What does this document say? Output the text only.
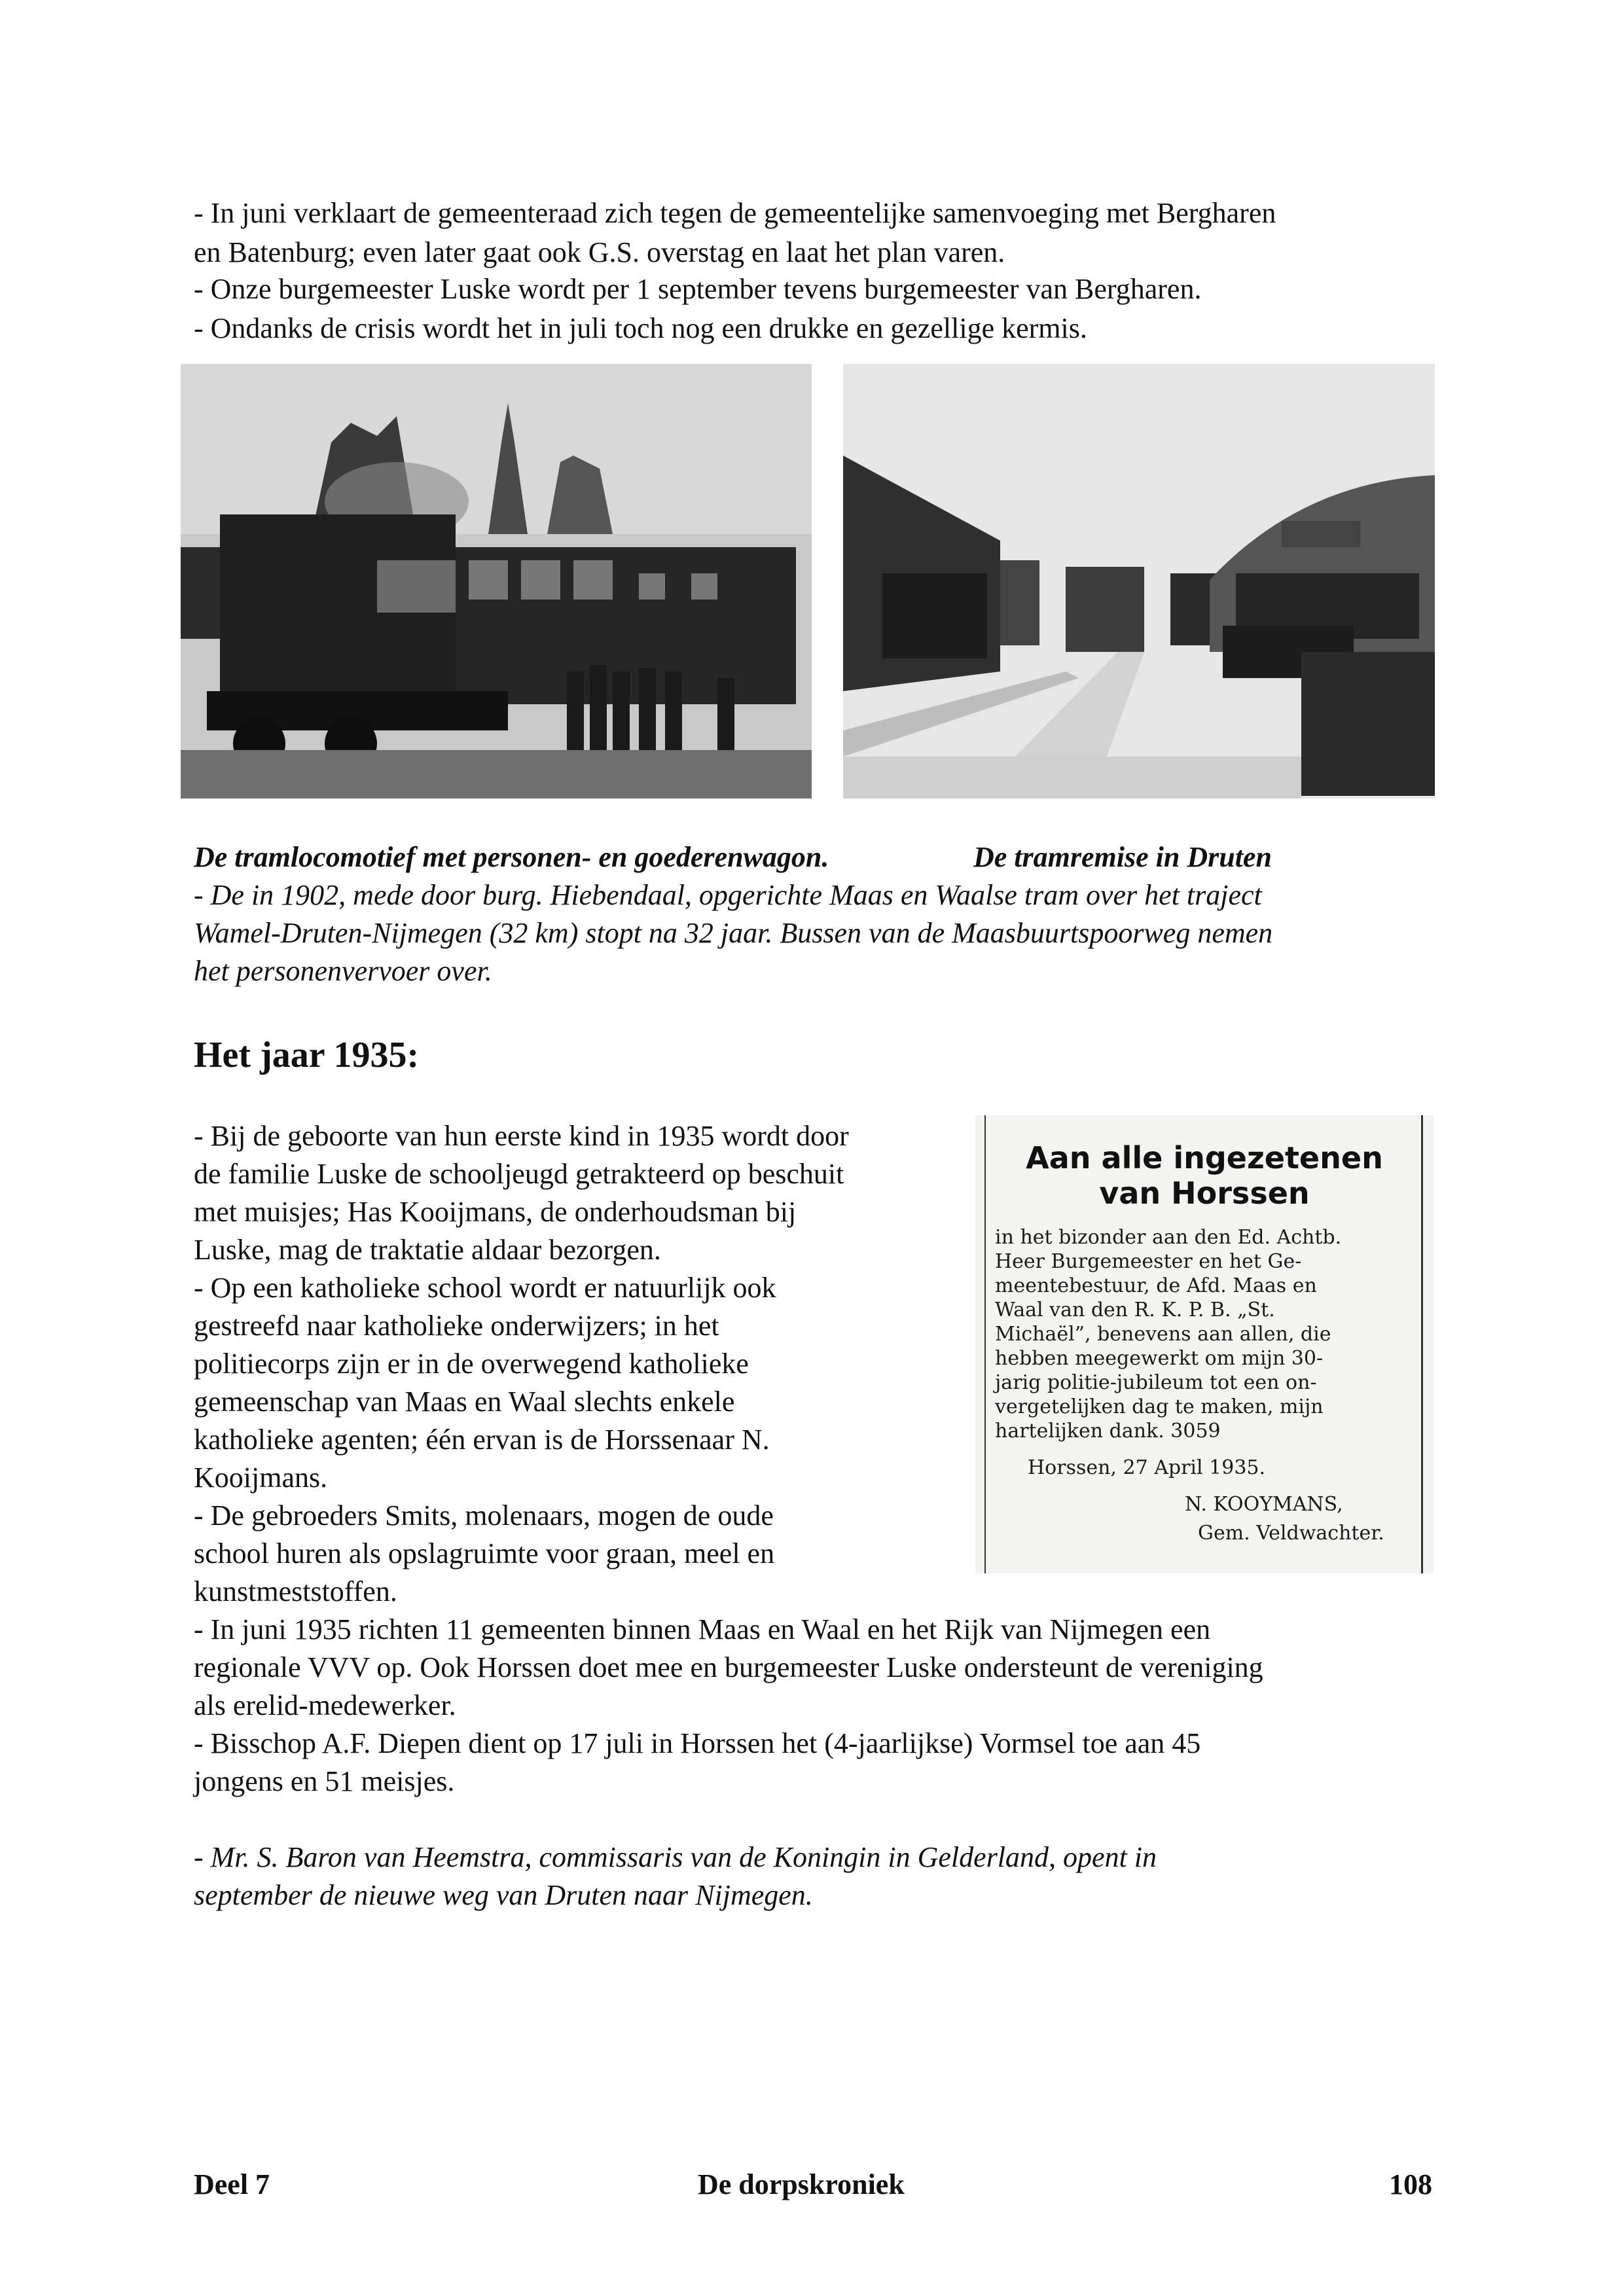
- In juni verklaart de gemeenteraad zich tegen de gemeentelijke samenvoeging met Bergharen

en Batenburg; even later gaat ook G.S. overstag en laat het plan varen.

- Onze burgemeester Luske wordt per 1 september tevens burgemeester van Bergharen.

- Ondanks de crisis wordt het in juli toch nog een drukke en gezellige kermis.

De tramlocomotief met personen- en goederenwagon.	De tramremise in Druten

- De in 1902, mede door burg. Hiebendaal, opgerichte Maas en Waalse tram over het traject

Wamel-Druten-Nijmegen (32 km) stopt na 32 jaar. Bussen van de Maasbuurtspoorweg nemen

het personenvervoer over.

Het jaar 1935:

- Bij de geboorte van hun eerste kind in 1935 wordt door

de familie Luske de schooljeugd getrakteerd op beschuit

met muisjes; Has Kooijmans, de onderhoudsman bij

Luske, mag de traktatie aldaar bezorgen.

- Op een katholieke school wordt er natuurlijk ook

gestreefd naar katholieke onderwijzers; in het

politiecorps zijn er in de overwegend katholieke

gemeenschap van Maas en Waal slechts enkele

katholieke agenten; één ervan is de Horssenaar N.

Kooijmans.

- De gebroeders Smits, molenaars, mogen de oude

school huren als opslagruimte voor graan, meel en

kunstmeststoffen.

Aan alle ingezetenen
van Horssen
in het bizonder aan den Ed. Achtb.
Heer Burgemeester en het Ge-
meentebestuur, de Afd. Maas en
Waal van den R. K. P. B. „St.
Michaël”, benevens aan allen, die
hebben meegewerkt om mijn 30-
jarig politie-jubileum tot een on-
vergetelijken dag te maken, mijn
hartelijken dank. 3059
Horssen, 27 April 1935.
N. KOOYMANS,
Gem. Veldwachter.

- In juni 1935 richten 11 gemeenten binnen Maas en Waal en het Rijk van Nijmegen een

regionale VVV op. Ook Horssen doet mee en burgemeester Luske ondersteunt de vereniging

als erelid-medewerker.

- Bisschop A.F. Diepen dient op 17 juli in Horssen het (4-jaarlijkse) Vormsel toe aan 45

jongens en 51 meisjes.

- Mr. S. Baron van Heemstra, commissaris van de Koningin in Gelderland, opent in

september de nieuwe weg van Druten naar Nijmegen.

Deel 7	De dorpskroniek	108
